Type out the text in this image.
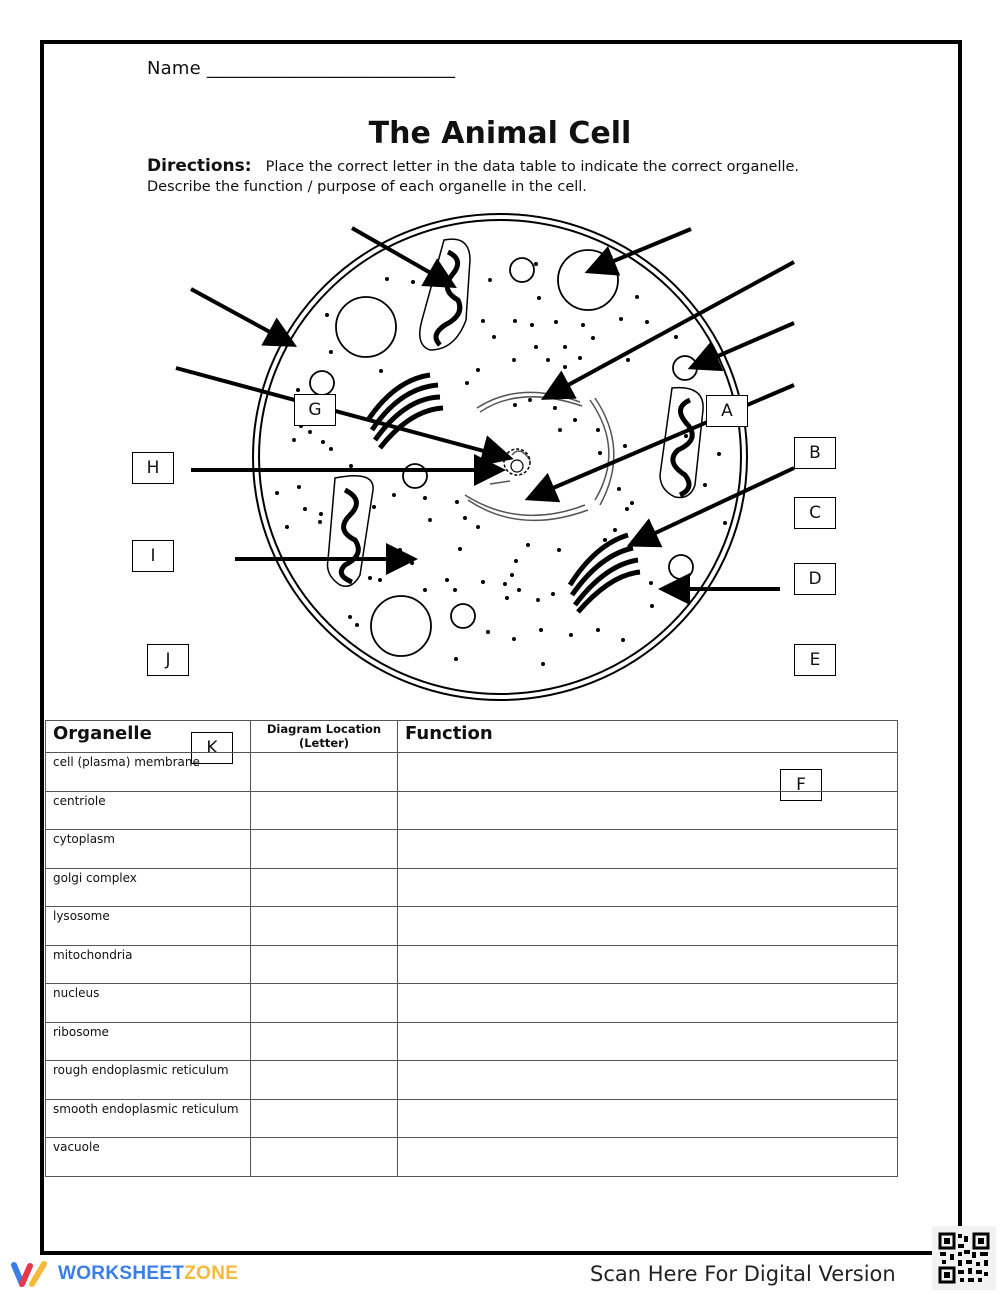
Name ___________________________
The Animal Cell
Directions: Place the correct letter in the data table to indicate the correct organelle.
Describe the function / purpose of each organelle in the cell.
A
B
C
D
E
F
G
H
I
J
K
Organelle	Diagram Location (Letter)	Function
cell (plasma) membrane		
centriole		
cytoplasm		
golgi complex		
lysosome		
mitochondria		
nucleus		
ribosome		
rough endoplasmic reticulum		
smooth endoplasmic reticulum		
vacuole		
WORKSHEETZONE	Scan Here For Digital Version
